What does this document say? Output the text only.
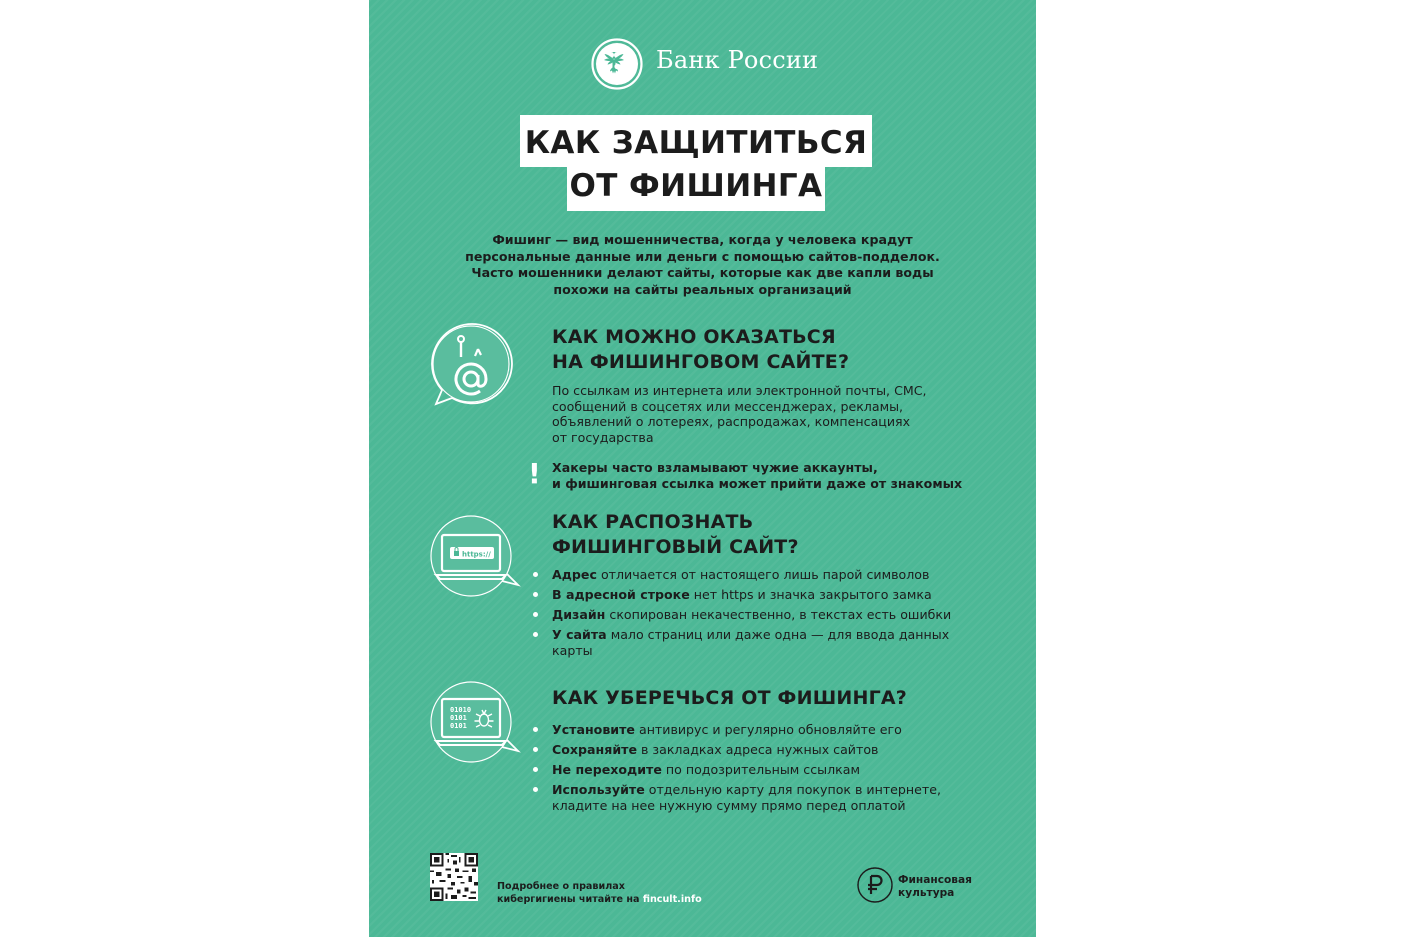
Банк России
КАК ЗАЩИТИТЬСЯ
ОТ ФИШИНГА
Фишинг — вид мошенничества, когда у человека крадут
персональные данные или деньги с помощью сайтов-подделок.
Часто мошенники делают сайты, которые как две капли воды
похожи на сайты реальных организаций
КАК МОЖНО ОКАЗАТЬСЯ
НА ФИШИНГОВОМ САЙТЕ?
По ссылкам из интернета или электронной почты, СМС,
сообщений в соцсетях или мессенджерах, рекламы,
объявлений о лотереях, распродажах, компенсациях
от государства
! Хакеры часто взламывают чужие аккаунты,
и фишинговая ссылка может прийти даже от знакомых
https://
КАК РАСПОЗНАТЬ
ФИШИНГОВЫЙ САЙТ?
Адрес отличается от настоящего лишь парой символов
В адресной строке нет https и значка закрытого замка
Дизайн скопирован некачественно, в текстах есть ошибки
У сайта мало страниц или даже одна — для ввода данных карты
01010
0101
0101
КАК УБЕРЕЧЬСЯ ОТ ФИШИНГА?
Установите антивирус и регулярно обновляйте его
Сохраняйте в закладках адреса нужных сайтов
Не переходите по подозрительным ссылкам
Используйте отдельную карту для покупок в интернете, кладите на нее нужную сумму прямо перед оплатой
Подробнее о правилах
кибергигиены читайте на fincult.info
Финансовая
культура
